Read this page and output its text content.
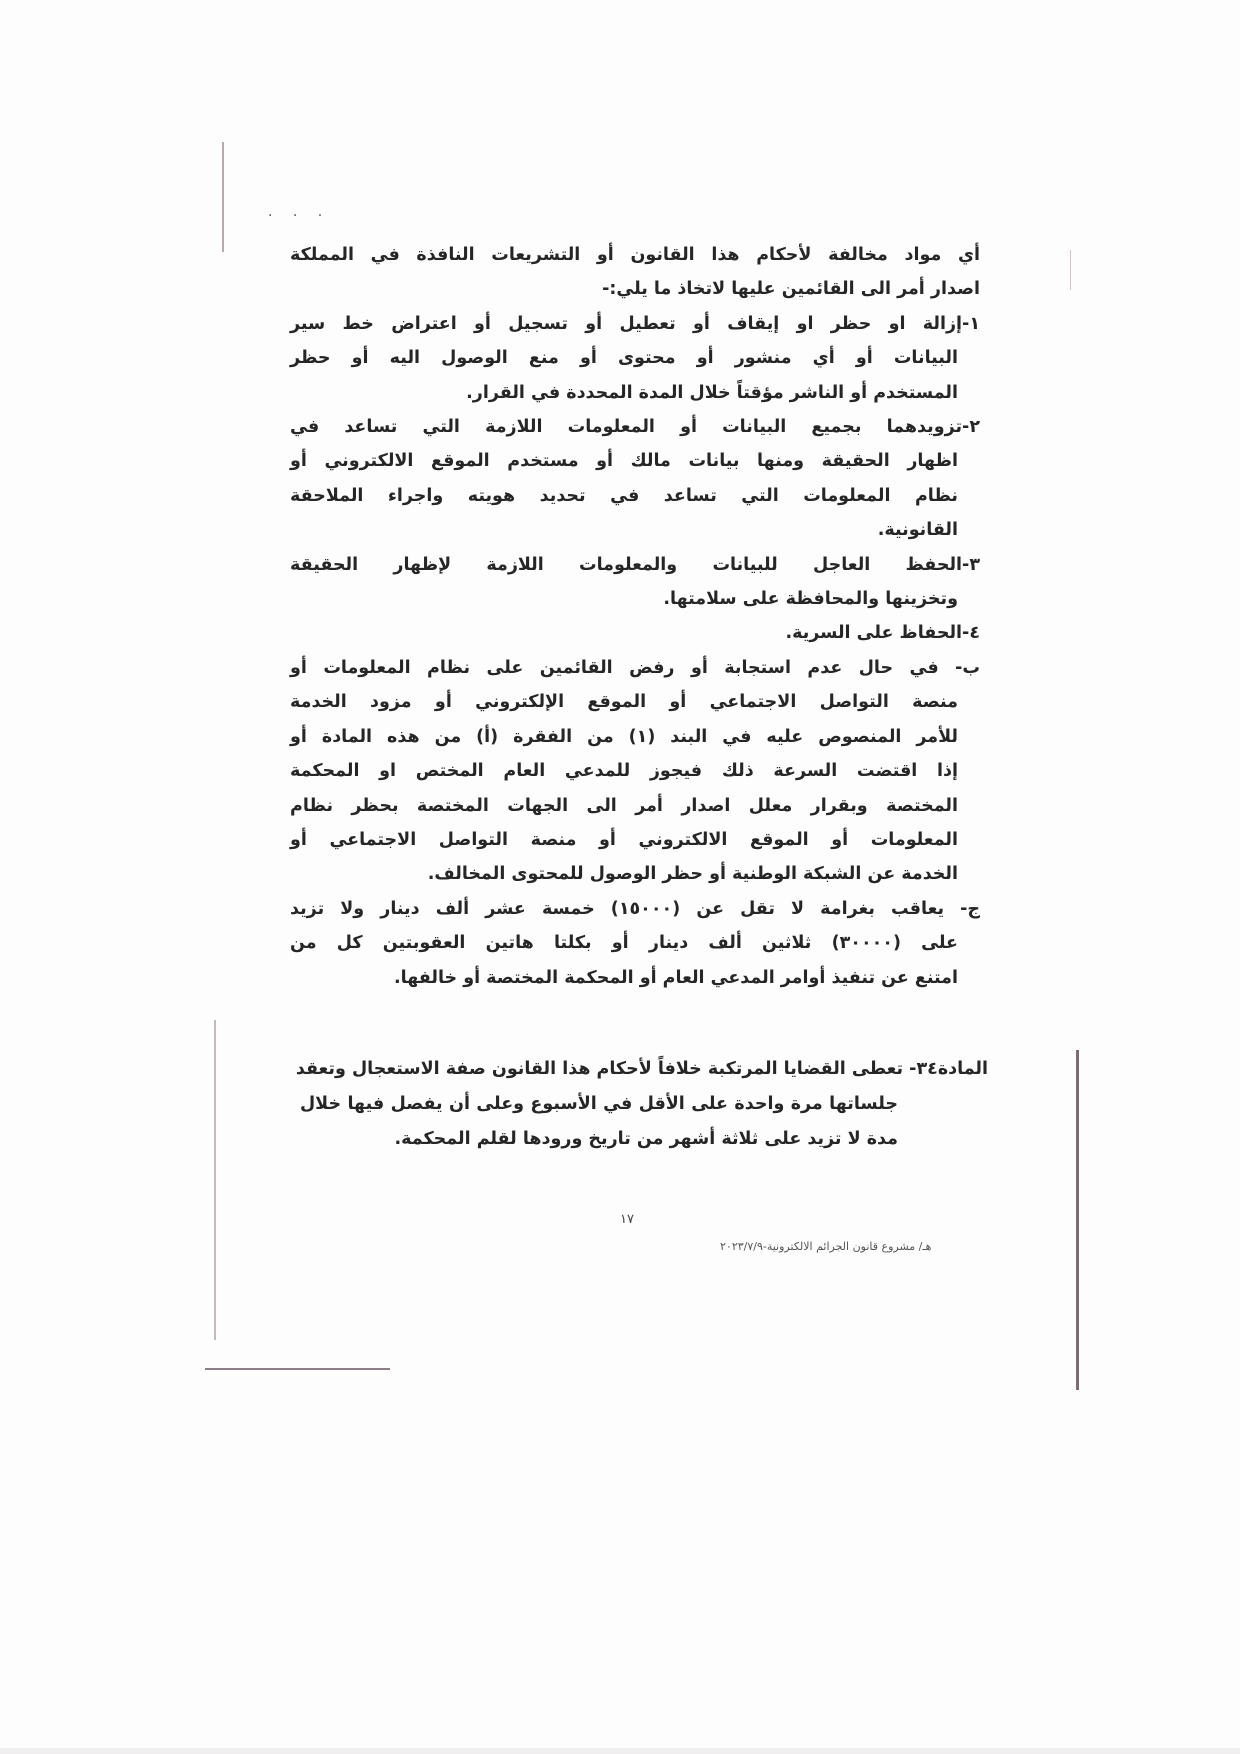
· · ·
أي مواد مخالفة لأحكام هذا القانون أو التشريعات النافذة في المملكة
اصدار أمر الى القائمين عليها لاتخاذ ما يلي:-
١-إزالة او حظر او إيقاف أو تعطيل أو تسجيل أو اعتراض خط سير
البيانات أو أي منشور أو محتوى أو منع الوصول اليه أو حظر
المستخدم أو الناشر مؤقتاً خلال المدة المحددة في القرار.
٢-تزويدهما بجميع البيانات أو المعلومات اللازمة التي تساعد في
اظهار الحقيقة ومنها بيانات مالك أو مستخدم الموقع الالكتروني أو
نظام المعلومات التي تساعد في تحديد هويته واجراء الملاحقة
القانونية.
٣-الحفظ العاجل للبيانات والمعلومات اللازمة لإظهار الحقيقة
وتخزينها والمحافظة على سلامتها.
٤-الحفاظ على السرية.
ب- في حال عدم استجابة أو رفض القائمين على نظام المعلومات أو
منصة التواصل الاجتماعي أو الموقع الإلكتروني أو مزود الخدمة
للأمر المنصوص عليه في البند (١) من الفقرة (أ) من هذه المادة أو
إذا اقتضت السرعة ذلك فيجوز للمدعي العام المختص او المحكمة
المختصة وبقرار معلل اصدار أمر الى الجهات المختصة بحظر نظام
المعلومات أو الموقع الالكتروني أو منصة التواصل الاجتماعي أو
الخدمة عن الشبكة الوطنية أو حظر الوصول للمحتوى المخالف.
ج- يعاقب بغرامة لا تقل عن (١٥٠٠٠) خمسة عشر ألف دينار ولا تزيد
على (٣٠٠٠٠) ثلاثين ألف دينار أو بكلتا هاتين العقوبتين كل من
امتنع عن تنفيذ أوامر المدعي العام أو المحكمة المختصة أو خالفها.
المادة٣٤- تعطى القضايا المرتكبة خلافاً لأحكام هذا القانون صفة الاستعجال وتعقد
جلساتها مرة واحدة على الأقل في الأسبوع وعلى أن يفصل فيها خلال
مدة لا تزيد على ثلاثة أشهر من تاريخ ورودها لقلم المحكمة.
١٧
هـ/ مشروع قانون الجرائم الالكترونية-٢٠٢٣/٧/٩
